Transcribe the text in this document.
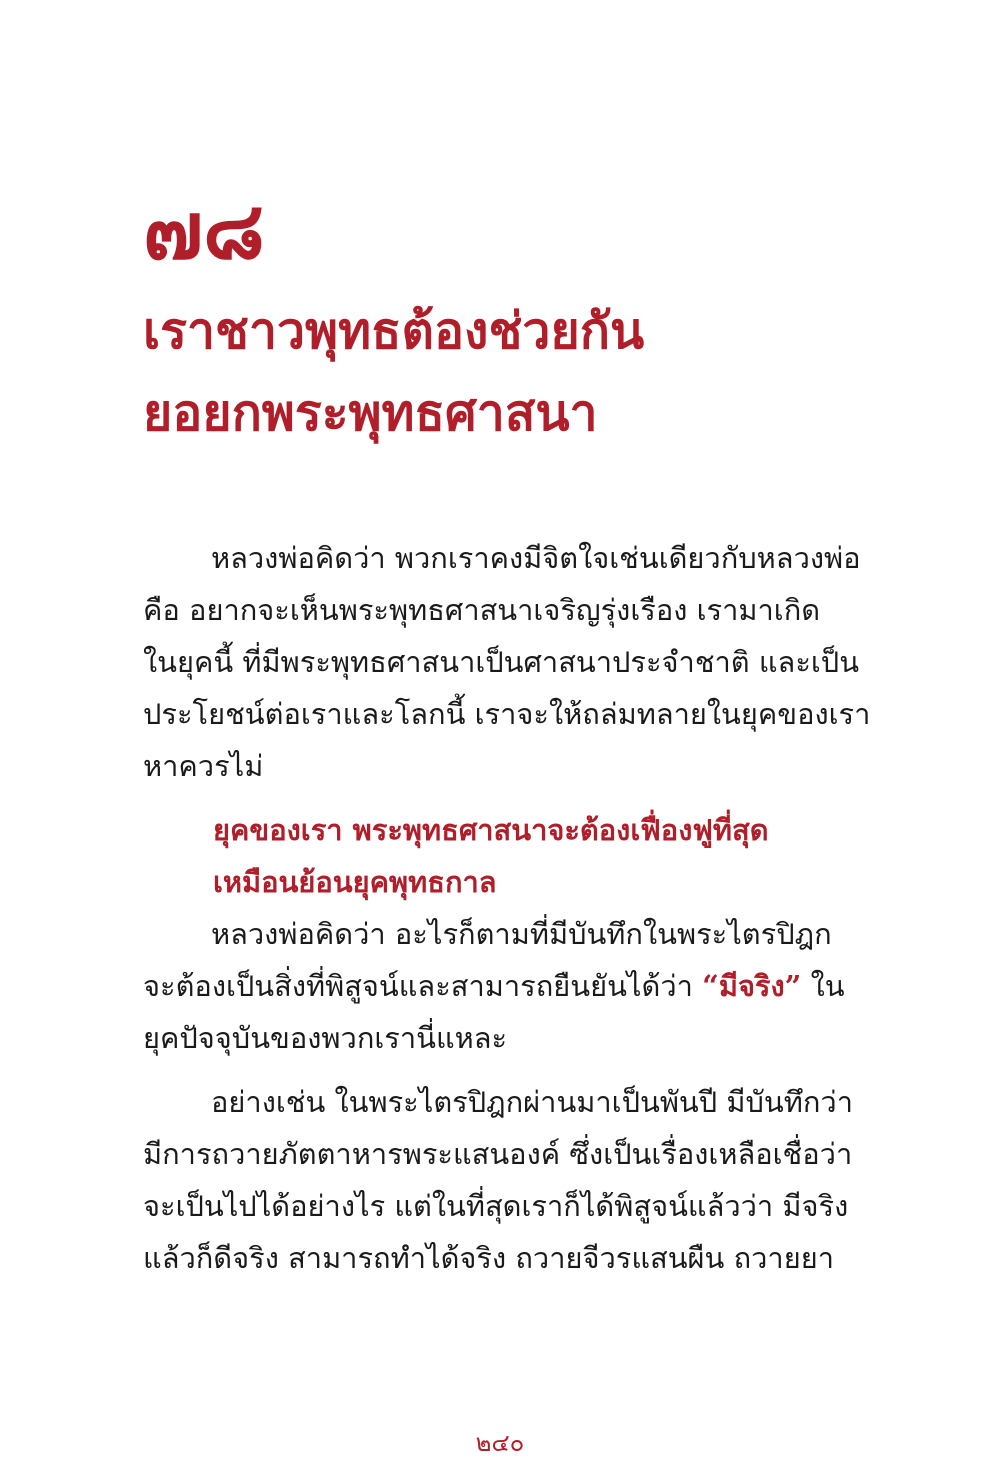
๗๘
เราชาวพุทธต้องช่วยกัน
ยอยกพระพุทธศาสนา
หลวงพ่อคิดว่า พวกเราคงมีจิตใจเช่นเดียวกับหลวงพ่อ
คือ อยากจะเห็นพระพุทธศาสนาเจริญรุ่งเรือง เรามาเกิด
ในยุคนี้ ที่มีพระพุทธศาสนาเป็นศาสนาประจำชาติ และเป็น
ประโยชน์ต่อเราและโลกนี้ เราจะให้ถล่มทลายในยุคของเรา
หาควรไม่
ยุคของเรา พระพุทธศาสนาจะต้องเฟื่องฟูที่สุด
เหมือนย้อนยุคพุทธกาล
หลวงพ่อคิดว่า อะไรก็ตามที่มีบันทึกในพระไตรปิฎก
จะต้องเป็นสิ่งที่พิสูจน์และสามารถยืนยันได้ว่า “มีจริง” ใน
ยุคปัจจุบันของพวกเรานี่แหละ
อย่างเช่น ในพระไตรปิฎกผ่านมาเป็นพันปี มีบันทึกว่า
มีการถวายภัตตาหารพระแสนองค์ ซึ่งเป็นเรื่องเหลือเชื่อว่า
จะเป็นไปได้อย่างไร แต่ในที่สุดเราก็ได้พิสูจน์แล้วว่า มีจริง
แล้วก็ดีจริง สามารถทำได้จริง ถวายจีวรแสนผืน ถวายยา
๒๔๐
